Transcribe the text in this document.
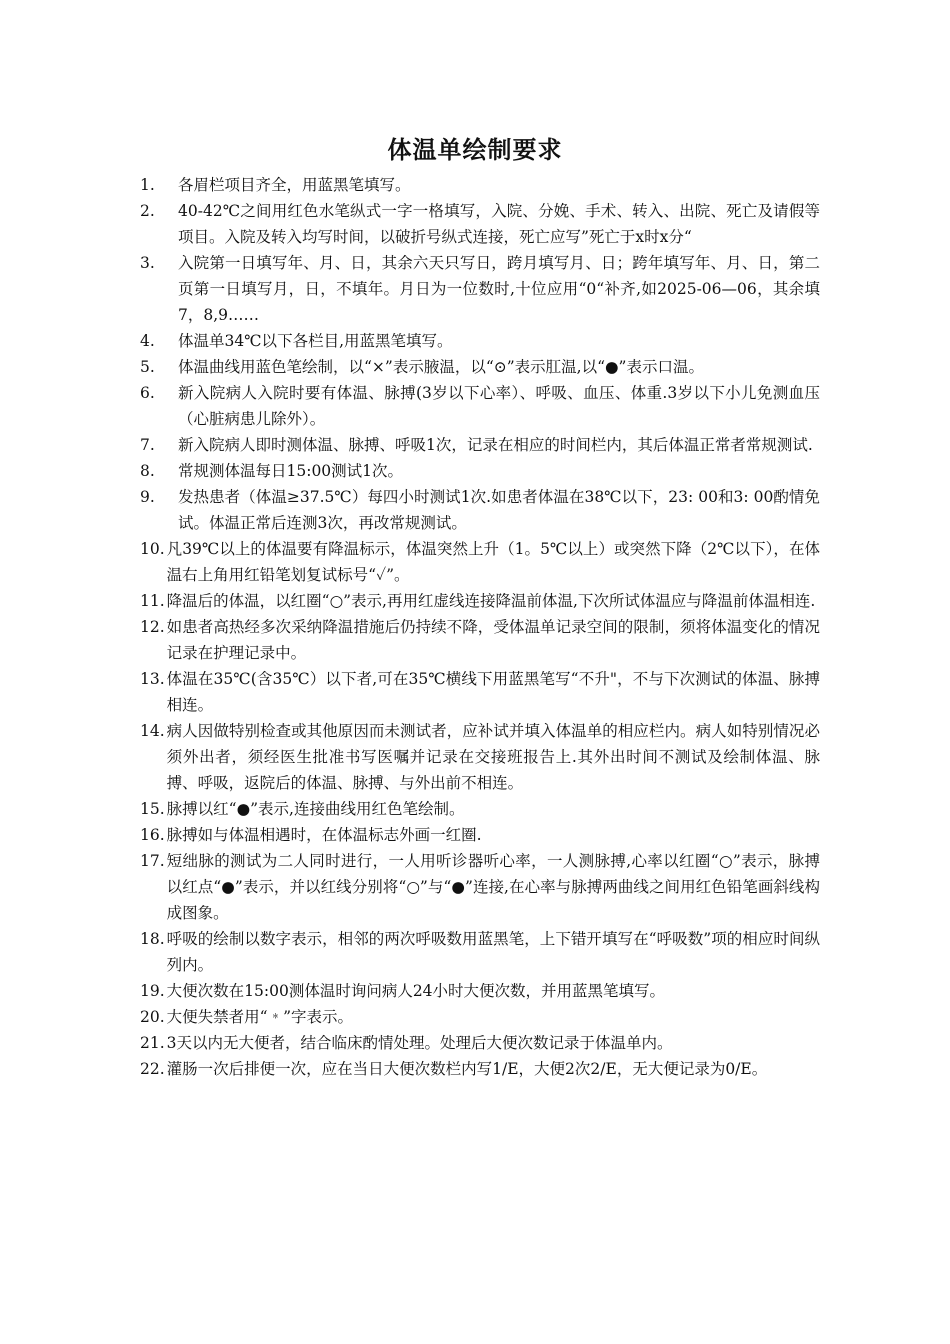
体温单绘制要求
1.	各眉栏项目齐全，用蓝黑笔填写。
2.	40-42℃之间用红色水笔纵式一字一格填写，入院、分娩、手术、转入、出院、死亡及请假等项目。入院及转入均写时间，以破折号纵式连接，死亡应写”死亡于x时x分“
3.	入院第一日填写年、月、日，其余六天只写日，跨月填写月、日；跨年填写年、月、日，第二页第一日填写月，日，不填年。月日为一位数时,十位应用“0“补齐,如2025-06—06，其余填7，8,9……
4.	体温单34℃以下各栏目,用蓝黑笔填写。
5.	体温曲线用蓝色笔绘制，以“×”表示腋温，以“⊙”表示肛温,以“●”表示口温。
6.	新入院病人入院时要有体温、脉搏(3岁以下心率）、呼吸、血压、体重.3岁以下小儿免测血压（心脏病患儿除外）。
7.	新入院病人即时测体温、脉搏、呼吸1次，记录在相应的时间栏内，其后体温正常者常规测试.
8.	常规测体温每日15:00测试1次。
9.	发热患者（体温≥37.5℃）每四小时测试1次.如患者体温在38℃以下，23: 00和3: 00酌情免试。体温正常后连测3次，再改常规测试。
10. 凡39℃以上的体温要有降温标示，体温突然上升（1。5℃以上）或突然下降（2℃以下），在体温右上角用红铅笔划复试标号“✓”。
11. 降温后的体温，以红圈“○”表示,再用红虚线连接降温前体温,下次所试体温应与降温前体温相连.
12. 如患者高热经多次采纳降温措施后仍持续不降，受体温单记录空间的限制，须将体温变化的情况记录在护理记录中。
13. 体温在35℃(含35℃）以下者,可在35℃横线下用蓝黑笔写“不升"，不与下次测试的体温、脉搏相连。
14. 病人因做特别检查或其他原因而未测试者，应补试并填入体温单的相应栏内。病人如特别情况必须外出者，须经医生批准书写医嘱并记录在交接班报告上.其外出时间不测试及绘制体温、脉搏、呼吸，返院后的体温、脉搏、与外出前不相连。
15. 脉搏以红“●”表示,连接曲线用红色笔绘制。
16. 脉搏如与体温相遇时，在体温标志外画一红圈.
17. 短绌脉的测试为二人同时进行，一人用听诊器听心率，一人测脉搏,心率以红圈“○”表示，脉搏以红点“●”表示，并以红线分别将“○”与“●”连接,在心率与脉搏两曲线之间用红色铅笔画斜线构成图象。
18. 呼吸的绘制以数字表示，相邻的两次呼吸数用蓝黑笔，上下错开填写在“呼吸数”项的相应时间纵列内。
19. 大便次数在15:00测体温时询问病人24小时大便次数，并用蓝黑笔填写。
20. 大便失禁者用“﹡”字表示。
21. 3天以内无大便者，结合临床酌情处理。处理后大便次数记录于体温单内。
22. 灌肠一次后排便一次，应在当日大便次数栏内写1/E，大便2次2/E，无大便记录为0/E。
